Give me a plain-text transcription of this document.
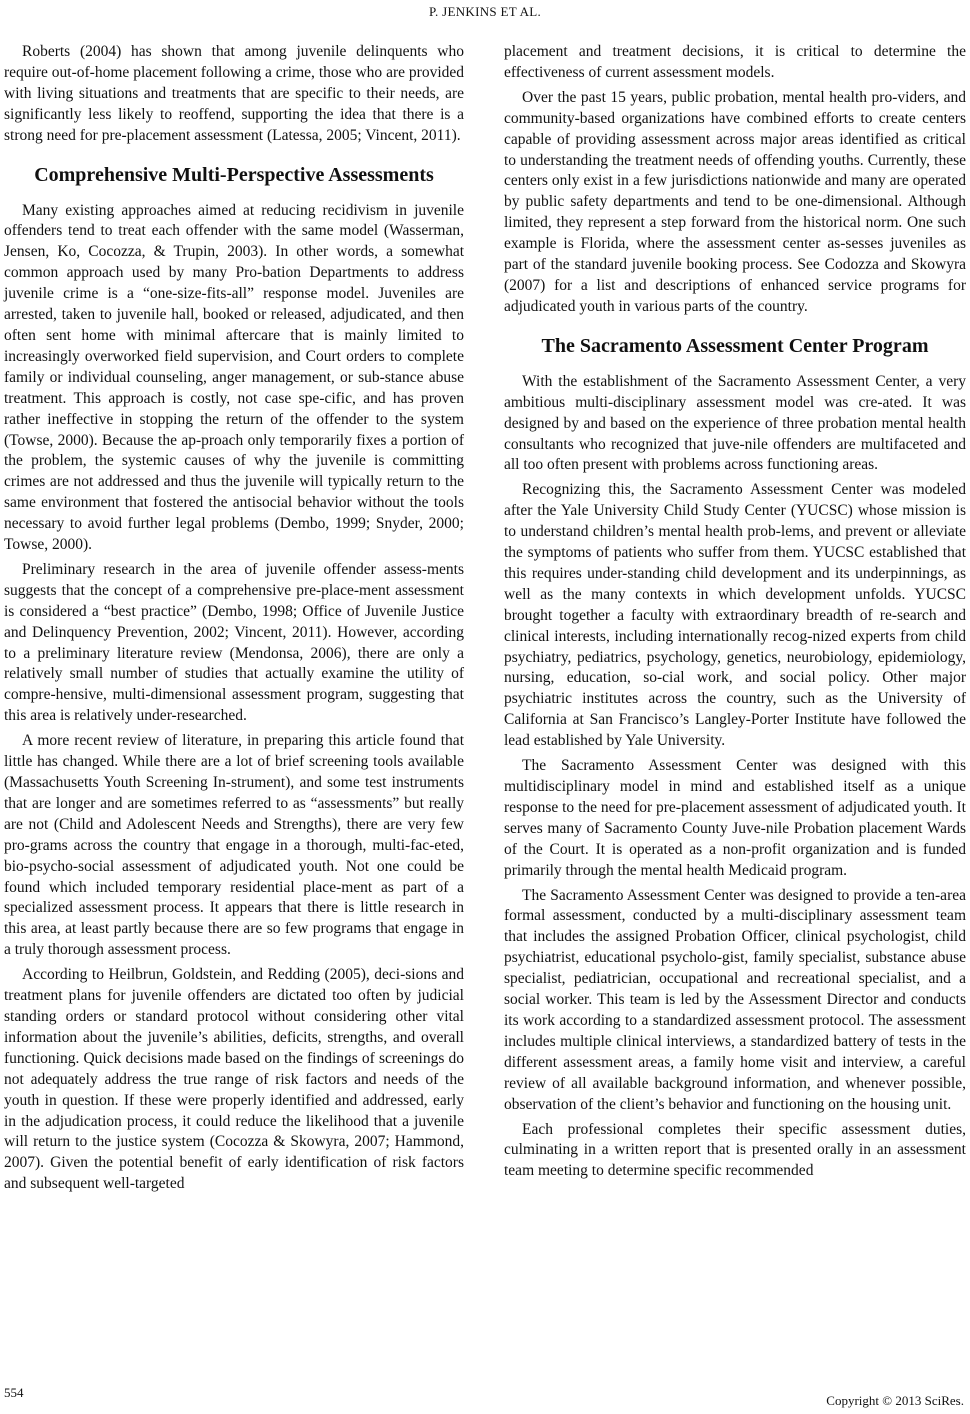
P. JENKINS ET AL.

Roberts (2004) has shown that among juvenile delinquents who require out-of-home placement following a crime, those who are provided with living situations and treatments that are specific to their needs, are significantly less likely to reoffend, supporting the idea that there is a strong need for pre-placement assessment (Latessa, 2005; Vincent, 2011).

Comprehensive Multi-Perspective Assessments

Many existing approaches aimed at reducing recidivism in juvenile offenders tend to treat each offender with the same model (Wasserman, Jensen, Ko, Cocozza, & Trupin, 2003). In other words, a somewhat common approach used by many Pro-bation Departments to address juvenile crime is a “one-size-fits-all” response model. Juveniles are arrested, taken to juvenile hall, booked or released, adjudicated, and then often sent home with minimal aftercare that is mainly limited to increasingly overworked field supervision, and Court orders to complete family or individual counseling, anger management, or sub-stance abuse treatment. This approach is costly, not case spe-cific, and has proven rather ineffective in stopping the return of the offender to the system (Towse, 2000). Because the ap-proach only temporarily fixes a portion of the problem, the systemic causes of why the juvenile is committing crimes are not addressed and thus the juvenile will typically return to the same environment that fostered the antisocial behavior without the tools necessary to avoid further legal problems (Dembo, 1999; Snyder, 2000; Towse, 2000).

Preliminary research in the area of juvenile offender assess-ments suggests that the concept of a comprehensive pre-place-ment assessment is considered a “best practice” (Dembo, 1998; Office of Juvenile Justice and Delinquency Prevention, 2002; Vincent, 2011). However, according to a preliminary literature review (Mendonsa, 2006), there are only a relatively small number of studies that actually examine the utility of compre-hensive, multi-dimensional assessment program, suggesting that this area is relatively under-researched.

A more recent review of literature, in preparing this article found that little has changed. While there are a lot of brief screening tools available (Massachusetts Youth Screening In-strument), and some test instruments that are longer and are sometimes referred to as “assessments” but really are not (Child and Adolescent Needs and Strengths), there are very few pro-grams across the country that engage in a thorough, multi-fac-eted, bio-psycho-social assessment of adjudicated youth. Not one could be found which included temporary residential place-ment as part of a specialized assessment process. It appears that there is little research in this area, at least partly because there are so few programs that engage in a truly thorough assessment process.

According to Heilbrun, Goldstein, and Redding (2005), deci-sions and treatment plans for juvenile offenders are dictated too often by judicial standing orders or standard protocol without considering other vital information about the juvenile’s abilities, deficits, strengths, and overall functioning. Quick decisions made based on the findings of screenings do not adequately address the true range of risk factors and needs of the youth in question. If these were properly identified and addressed, early in the adjudication process, it could reduce the likelihood that a juvenile will return to the justice system (Cocozza & Skowyra, 2007; Hammond, 2007). Given the potential benefit of early identification of risk factors and subsequent well-targeted

placement and treatment decisions, it is critical to determine the effectiveness of current assessment models.

Over the past 15 years, public probation, mental health pro-viders, and community-based organizations have combined efforts to create centers capable of providing assessment across major areas identified as critical to understanding the treatment needs of offending youths. Currently, these centers only exist in a few jurisdictions nationwide and many are operated by public safety departments and tend to be one-dimensional. Although limited, they represent a step forward from the historical norm. One such example is Florida, where the assessment center as-sesses juveniles as part of the standard juvenile booking process. See Codozza and Skowyra (2007) for a list and descriptions of enhanced service programs for adjudicated youth in various parts of the country.

The Sacramento Assessment Center Program

With the establishment of the Sacramento Assessment Center, a very ambitious multi-disciplinary assessment model was cre-ated. It was designed by and based on the experience of three probation mental health consultants who recognized that juve-nile offenders are multifaceted and all too often present with problems across functioning areas.

Recognizing this, the Sacramento Assessment Center was modeled after the Yale University Child Study Center (YUCSC) whose mission is to understand children’s mental health prob-lems, and prevent or alleviate the symptoms of patients who suffer from them. YUCSC established that this requires under-standing child development and its underpinnings, as well as the many contexts in which development unfolds. YUCSC brought together a faculty with extraordinary breadth of re-search and clinical interests, including internationally recog-nized experts from child psychiatry, pediatrics, psychology, genetics, neurobiology, epidemiology, nursing, education, so-cial work, and social policy. Other major psychiatric institutes across the country, such as the University of California at San Francisco’s Langley-Porter Institute have followed the lead established by Yale University.

The Sacramento Assessment Center was designed with this multidisciplinary model in mind and established itself as a unique response to the need for pre-placement assessment of adjudicated youth. It serves many of Sacramento County Juve-nile Probation placement Wards of the Court. It is operated as a non-profit organization and is funded primarily through the mental health Medicaid program.

The Sacramento Assessment Center was designed to provide a ten-area formal assessment, conducted by a multi-disciplinary assessment team that includes the assigned Probation Officer, clinical psychologist, child psychiatrist, educational psycholo-gist, family specialist, substance abuse specialist, pediatrician, occupational and recreational specialist, and a social worker. This team is led by the Assessment Director and conducts its work according to a standardized assessment protocol. The assessment includes multiple clinical interviews, a standardized battery of tests in the different assessment areas, a family home visit and interview, a careful review of all available background information, and whenever possible, observation of the client’s behavior and functioning on the housing unit.

Each professional completes their specific assessment duties, culminating in a written report that is presented orally in an assessment team meeting to determine specific recommended

554
Copyright © 2013 SciRes.
